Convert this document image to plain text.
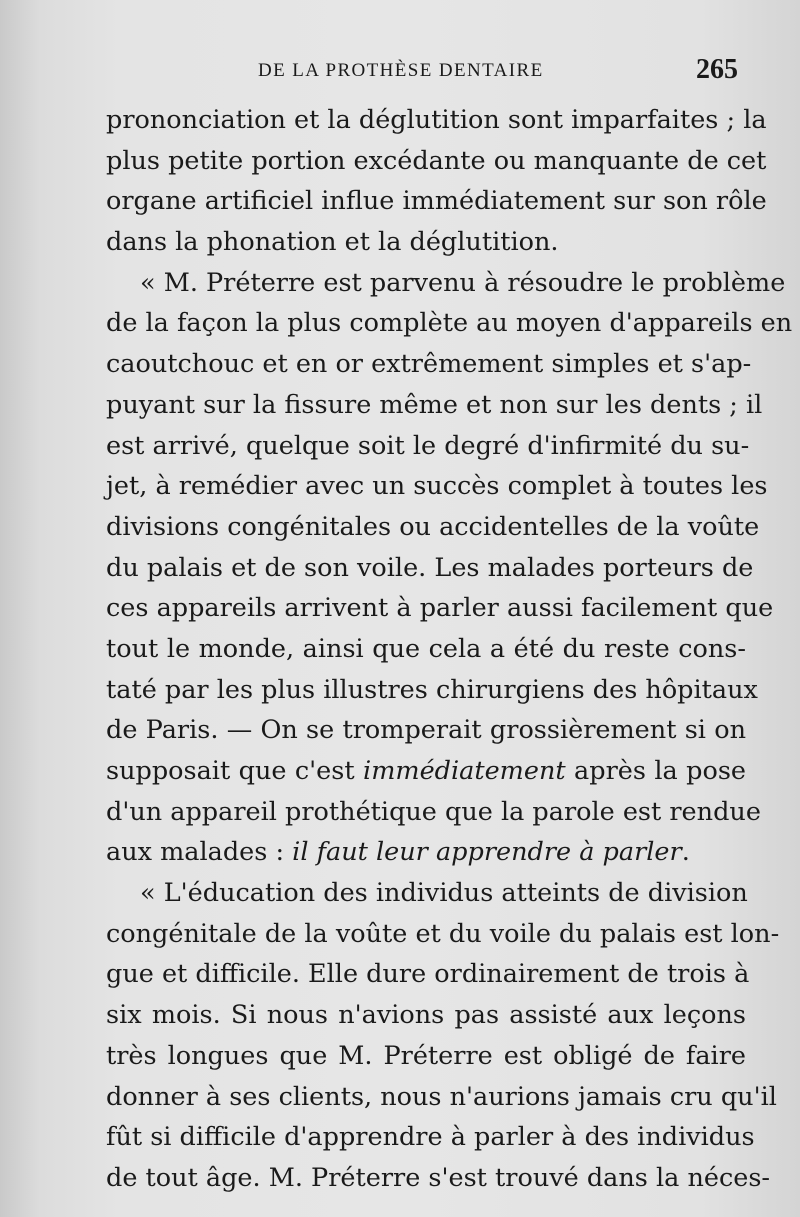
DE LA PROTHÈSE DENTAIRE	265
prononciation et la déglutition sont imparfaites ; la
plus petite portion excédante ou manquante de cet
organe artificiel influe immédiatement sur son rôle
dans la phonation et la déglutition.
« M. Préterre est parvenu à résoudre le problème
de la façon la plus complète au moyen d'appareils en
caoutchouc et en or extrêmement simples et s'ap-
puyant sur la fissure même et non sur les dents ; il
est arrivé, quelque soit le degré d'infirmité du su-
jet, à remédier avec un succès complet à toutes les
divisions congénitales ou accidentelles de la voûte
du palais et de son voile. Les malades porteurs de
ces appareils arrivent à parler aussi facilement que
tout le monde, ainsi que cela a été du reste cons-
taté par les plus illustres chirurgiens des hôpitaux
de Paris. — On se tromperait grossièrement si on
supposait que c'est immédiatement après la pose
d'un appareil prothétique que la parole est rendue
aux malades : il faut leur apprendre à parler.
« L'éducation des individus atteints de division
congénitale de la voûte et du voile du palais est lon-
gue et difficile. Elle dure ordinairement de trois à
six mois. Si nous n'avions pas assisté aux leçons
très longues que M. Préterre est obligé de faire
donner à ses clients, nous n'aurions jamais cru qu'il
fût si difficile d'apprendre à parler à des individus
de tout âge. M. Préterre s'est trouvé dans la néces-
